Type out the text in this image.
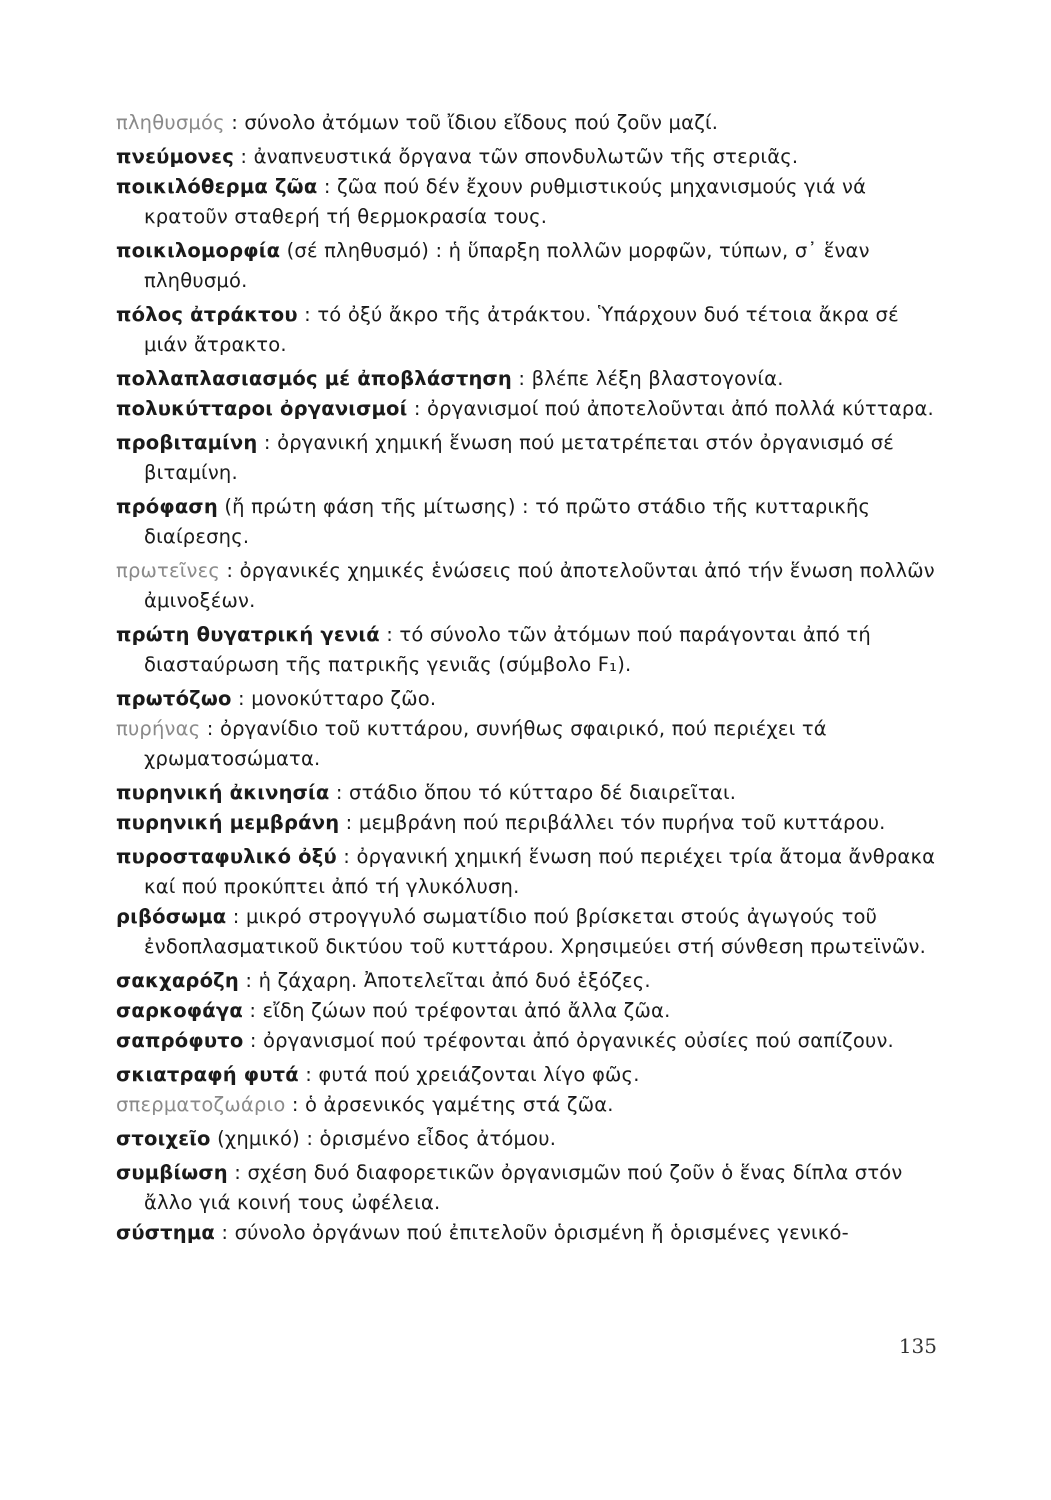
πληθυσμός : σύνολο ἀτόμων τοῦ ἴδιου εἴδους πού ζοῦν μαζί.

πνεύμονες : ἀναπνευστικά ὄργανα τῶν σπονδυλωτῶν τῆς στεριᾶς.

ποικιλόθερμα ζῶα : ζῶα πού δέν ἔχουν ρυθμιστικούς μηχανισμούς γιά νά κρατοῦν σταθερή τή θερμοκρασία τους.

ποικιλομορφία (σέ πληθυσμό) : ἡ ὕπαρξη πολλῶν μορφῶν, τύπων, σ᾿ ἕναν πληθυσμό.

πόλος ἀτράκτου : τό ὀξύ ἄκρο τῆς ἀτράκτου. Ὑπάρχουν δυό τέτοια ἄκρα σέ μιάν ἄτρακτο.

πολλαπλασιασμός μέ ἀποβλάστηση : βλέπε λέξη βλαστογονία.

πολυκύτταροι ὀργανισμοί : ὀργανισμοί πού ἀποτελοῦνται ἀπό πολλά κύτταρα.

προβιταμίνη : ὀργανική χημική ἕνωση πού μετατρέπεται στόν ὀργανισμό σέ βιταμίνη.

πρόφαση (ἤ πρώτη φάση τῆς μίτωσης) : τό πρῶτο στάδιο τῆς κυτταρικῆς διαίρεσης.

πρωτεῖνες : ὀργανικές χημικές ἑνώσεις πού ἀποτελοῦνται ἀπό τήν ἕνωση πολλῶν ἀμινοξέων.

πρώτη θυγατρική γενιά : τό σύνολο τῶν ἀτόμων πού παράγονται ἀπό τή διασταύρωση τῆς πατρικῆς γενιᾶς (σύμβολο F₁).

πρωτόζωο : μονοκύτταρο ζῶο.

πυρήνας : ὀργανίδιο τοῦ κυττάρου, συνήθως σφαιρικό, πού περιέχει τά χρωματοσώματα.

πυρηνική ἀκινησία : στάδιο ὅπου τό κύτταρο δέ διαιρεῖται.

πυρηνική μεμβράνη : μεμβράνη πού περιβάλλει τόν πυρήνα τοῦ κυττάρου.

πυροσταφυλικό ὀξύ : ὀργανική χημική ἕνωση πού περιέχει τρία ἄτομα ἄνθρακα καί πού προκύπτει ἀπό τή γλυκόλυση.

ριβόσωμα : μικρό στρογγυλό σωματίδιο πού βρίσκεται στούς ἀγωγούς τοῦ ἐνδοπλασματικοῦ δικτύου τοῦ κυττάρου. Χρησιμεύει στή σύνθεση πρωτεϊνῶν.

σακχαρόζη : ἡ ζάχαρη. Ἀποτελεῖται ἀπό δυό ἑξόζες.

σαρκοφάγα : εἴδη ζώων πού τρέφονται ἀπό ἄλλα ζῶα.

σαπρόφυτο : ὀργανισμοί πού τρέφονται ἀπό ὀργανικές οὐσίες πού σαπίζουν.

σκιατραφή φυτά : φυτά πού χρειάζονται λίγο φῶς.

σπερματοζωάριο : ὁ ἀρσενικός γαμέτης στά ζῶα.

στοιχεῖο (χημικό) : ὁρισμένο εἶδος ἀτόμου.

συμβίωση : σχέση δυό διαφορετικῶν ὀργανισμῶν πού ζοῦν ὁ ἕνας δίπλα στόν ἄλλο γιά κοινή τους ὠφέλεια.

σύστημα : σύνολο ὀργάνων πού ἐπιτελοῦν ὁρισμένη ἤ ὁρισμένες γενικό-

135
